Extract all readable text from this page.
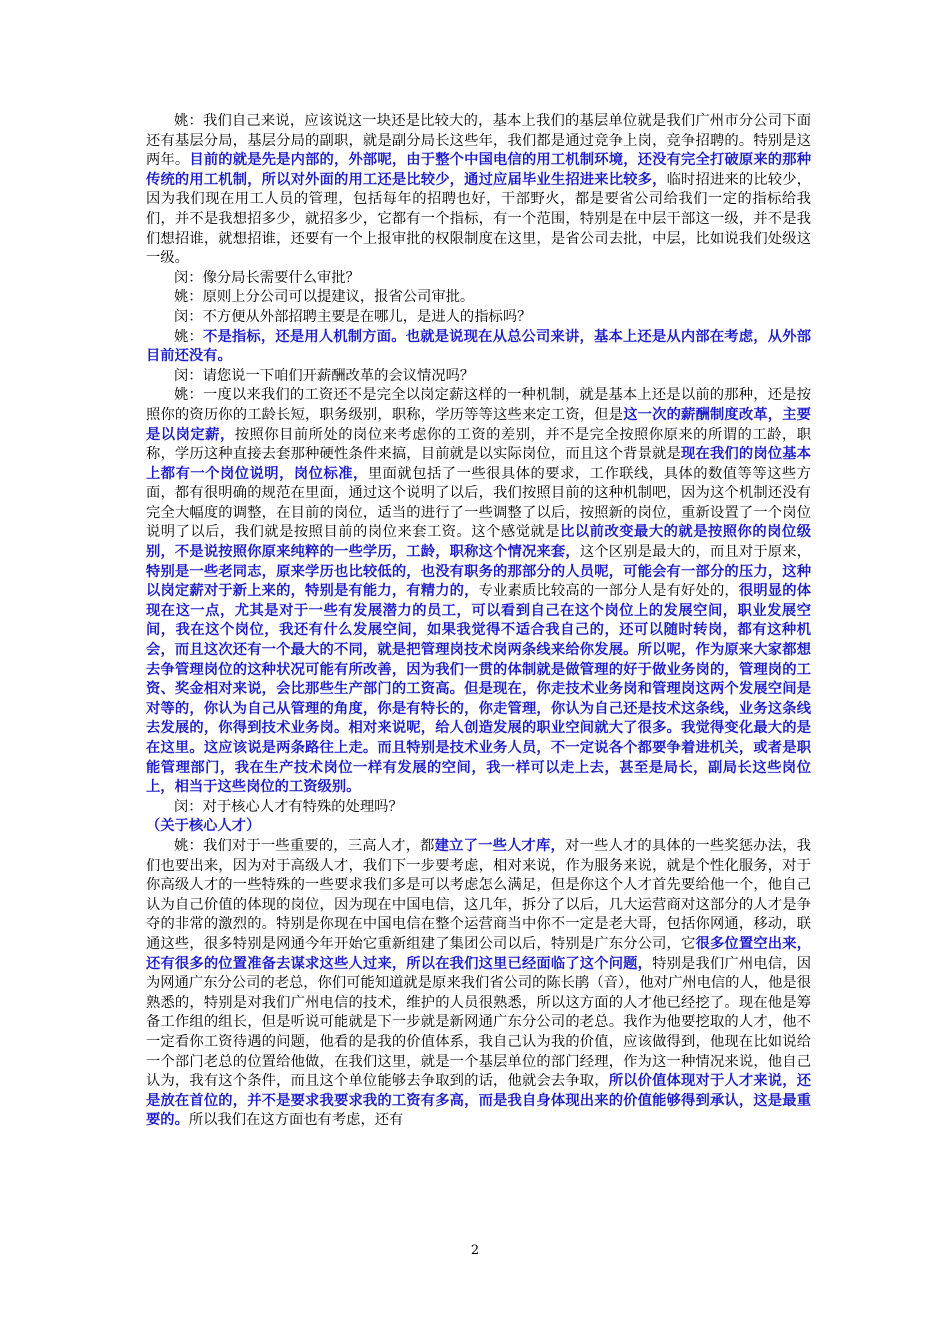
姚：我们自己来说，应该说这一块还是比较大的，基本上我们的基层单位就是我们广州市分公司下面还有基层分局，基层分局的副职，就是副分局长这些年，我们都是通过竞争上岗，竞争招聘的。特别是这两年。目前的就是先是内部的，外部呢，由于整个中国电信的用工机制环境，还没有完全打破原来的那种传统的用工机制，所以对外面的用工还是比较少，通过应届毕业生招进来比较多，临时招进来的比较少，因为我们现在用工人员的管理，包括每年的招聘也好，干部野火，都是要省公司给我们一定的指标给我们，并不是我想招多少，就招多少，它都有一个指标，有一个范围，特别是在中层干部这一级，并不是我们想招谁，就想招谁，还要有一个上报审批的权限制度在这里，是省公司去批，中层，比如说我们处级这一级。

闵：像分局长需要什么审批？

姚：原则上分公司可以提建议，报省公司审批。

闵：不方便从外部招聘主要是在哪儿，是进人的指标吗？

姚：不是指标，还是用人机制方面。也就是说现在从总公司来讲，基本上还是从内部在考虑，从外部目前还没有。

闵：请您说一下咱们开薪酬改革的会议情况吗？

姚：一度以来我们的工资还不是完全以岗定薪这样的一种机制，就是基本上还是以前的那种，还是按照你的资历你的工龄长短，职务级别，职称，学历等等这些来定工资，但是这一次的薪酬制度改革，主要是以岗定薪，按照你目前所处的岗位来考虑你的工资的差别，并不是完全按照你原来的所谓的工龄，职称，学历这种直接去套那种硬性条件来搞，目前就是以实际岗位，而且这个背景就是现在我们的岗位基本上都有一个岗位说明，岗位标准，里面就包括了一些很具体的要求，工作联线，具体的数值等等这些方面，都有很明确的规范在里面，通过这个说明了以后，我们按照目前的这种机制吧，因为这个机制还没有完全大幅度的调整，在目前的岗位，适当的进行了一些调整了以后，按照新的岗位，重新设置了一个岗位说明了以后，我们就是按照目前的岗位来套工资。这个感觉就是比以前改变最大的就是按照你的岗位级别，不是说按照你原来纯粹的一些学历，工龄，职称这个情况来套，这个区别是最大的，而且对于原来，特别是一些老同志，原来学历也比较低的，也没有职务的那部分的人员呢，可能会有一部分的压力，这种以岗定薪对于新上来的，特别是有能力，有精力的，专业素质比较高的一部分人是有好处的，很明显的体现在这一点，尤其是对于一些有发展潜力的员工，可以看到自己在这个岗位上的发展空间，职业发展空间，我在这个岗位，我还有什么发展空间，如果我觉得不适合我自己的，还可以随时转岗，都有这种机会，而且这次还有一个最大的不同，就是把管理岗技术岗两条线来给你发展。所以呢，作为原来大家都想去争管理岗位的这种状况可能有所改善，因为我们一贯的体制就是做管理的好于做业务岗的，管理岗的工资、奖金相对来说，会比那些生产部门的工资高。但是现在，你走技术业务岗和管理岗这两个发展空间是对等的，你认为自己从管理的角度，你是有特长的，你走管理，你认为自己还是技术这条线，业务这条线去发展的，你得到技术业务岗。相对来说呢，给人创造发展的职业空间就大了很多。我觉得变化最大的是在这里。这应该说是两条路往上走。而且特别是技术业务人员，不一定说各个都要争着进机关，或者是职能管理部门，我在生产技术岗位一样有发展的空间，我一样可以走上去，甚至是局长，副局长这些岗位上，相当于这些岗位的工资级别。

闵：对于核心人才有特殊的处理吗？

（关于核心人才）

姚：我们对于一些重要的，三高人才，都建立了一些人才库，对一些人才的具体的一些奖惩办法，我们也要出来，因为对于高级人才，我们下一步要考虑，相对来说，作为服务来说，就是个性化服务，对于你高级人才的一些特殊的一些要求我们多是可以考虑怎么满足，但是你这个人才首先要给他一个，他自己认为自己价值的体现的岗位，因为现在中国电信，这几年，拆分了以后，几大运营商对这部分的人才是争夺的非常的激烈的。特别是你现在中国电信在整个运营商当中你不一定是老大哥，包括你网通，移动，联通这些，很多特别是网通今年开始它重新组建了集团公司以后，特别是广东分公司，它很多位置空出来，还有很多的位置准备去谋求这些人过来，所以在我们这里已经面临了这个问题，特别是我们广州电信，因为网通广东分公司的老总，你们可能知道就是原来我们省公司的陈长鹃（音），他对广州电信的人，他是很熟悉的，特别是对我们广州电信的技术，维护的人员很熟悉，所以这方面的人才他已经挖了。现在他是筹备工作组的组长，但是听说可能就是下一步就是新网通广东分公司的老总。我作为他要挖取的人才，他不一定看你工资待遇的问题，他看的是我的价值体系，我自己认为我的价值，应该做得到，他现在比如说给一个部门老总的位置给他做，在我们这里，就是一个基层单位的部门经理，作为这一种情况来说，他自己认为，我有这个条件，而且这个单位能够去争取到的话，他就会去争取，所以价值体现对于人才来说，还是放在首位的，并不是要求我要求我的工资有多高，而是我自身体现出来的价值能够得到承认，这是最重要的。所以我们在这方面也有考虑，还有

2
